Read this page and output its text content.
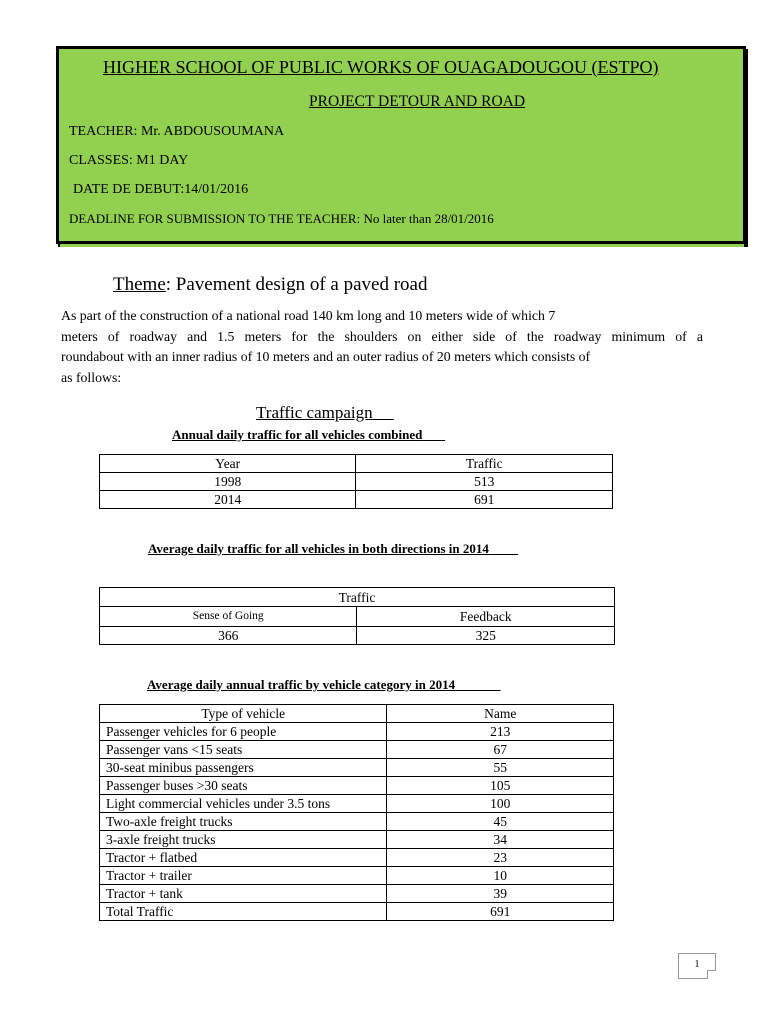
HIGHER SCHOOL OF PUBLIC WORKS OF OUAGADOUGOU (ESTPO)
PROJECT DETOUR AND ROAD
TEACHER: Mr. ABDOUSOUMANA
CLASSES: M1 DAY
DATE DE DEBUT:14/01/2016
DEADLINE FOR SUBMISSION TO THE TEACHER: No later than 28/01/2016
Theme: Pavement design of a paved road
As part of the construction of a national road 140 km long and 10 meters wide of which 7
meters of roadway and 1.5 meters for the shoulders on either side of the roadway minimum of a
roundabout with an inner radius of 10 meters and an outer radius of 20 meters which consists of
as follows:
Traffic campaign
Annual daily traffic for all vehicles combined
Year	Traffic
1998	513
2014	691
Average daily traffic for all vehicles in both directions in 2014
Traffic	
Sense of Going	Feedback
366	325
Average daily annual traffic by vehicle category in 2014
Type of vehicle	Name
Passenger vehicles for 6 people	213
Passenger vans <15 seats	67
30-seat minibus passengers	55
Passenger buses >30 seats	105
Light commercial vehicles under 3.5 tons	100
Two-axle freight trucks	45
3-axle freight trucks	34
Tractor + flatbed	23
Tractor + trailer	10
Tractor + tank	39
Total Traffic	691
1
